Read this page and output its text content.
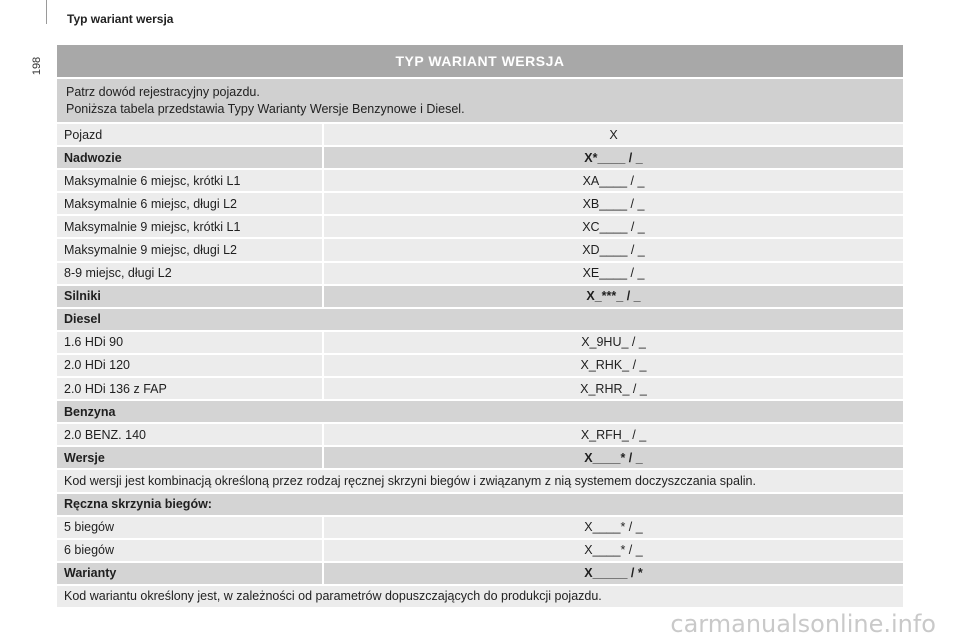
198
Typ wariant wersja
TYP WARIANT WERSJA
Patrz dowód rejestracyjny pojazdu.
Poniższa tabela przedstawia Typy Warianty Wersje Benzynowe i Diesel.
Pojazd	X
Nadwozie	X*____ / _
Maksymalnie 6 miejsc, krótki L1	XA____ / _
Maksymalnie 6 miejsc, długi L2	XB____ / _
Maksymalnie 9 miejsc, krótki L1	XC____ / _
Maksymalnie 9 miejsc, długi L2	XD____ / _
8-9 miejsc, długi L2	XE____ / _
Silniki	X_***_ / _
Diesel
1.6 HDi 90	X_9HU_ / _
2.0 HDi 120	X_RHK_ / _
2.0 HDi 136 z FAP	X_RHR_ / _
Benzyna
2.0 BENZ. 140	X_RFH_ / _
Wersje	X____* / _
Kod wersji jest kombinacją określoną przez rodzaj ręcznej skrzyni biegów i związanym z nią systemem doczyszczania spalin.
Ręczna skrzynia biegów:
5 biegów	X____* / _
6 biegów	X____* / _
Warianty	X_____ / *
Kod wariantu określony jest, w zależności od parametrów dopuszczających do produkcji pojazdu.
carmanualsonline.info
